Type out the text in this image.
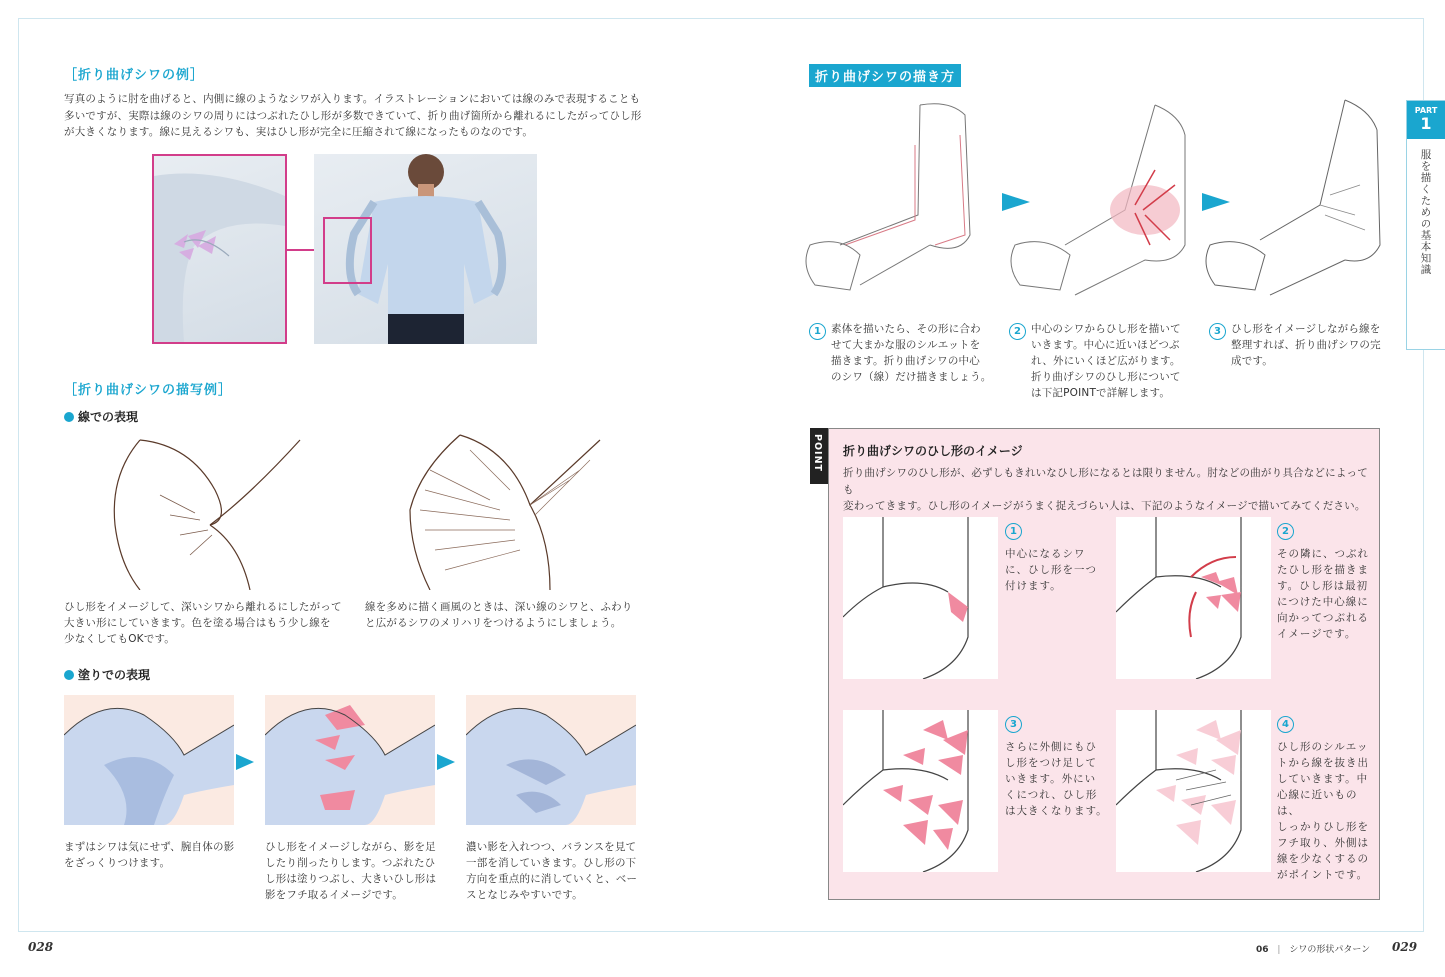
［折り曲げシワの例］
写真のように肘を曲げると、内側に線のようなシワが入ります。イラストレーションにおいては線のみで表現することも
多いですが、実際は線のシワの周りにはつぶれたひし形が多数できていて、折り曲げ箇所から離れるにしたがってひし形
が大きくなります。線に見えるシワも、実はひし形が完全に圧縮されて線になったものなのです。
［折り曲げシワの描写例］
線での表現
ひし形をイメージして、深いシワから離れるにしたがって
大きい形にしていきます。色を塗る場合はもう少し線を
少なくしてもOKです。
線を多めに描く画風のときは、深い線のシワと、ふわり
と広がるシワのメリハリをつけるようにしましょう。
塗りでの表現
まずはシワは気にせず、腕自体の影
をざっくりつけます。
ひし形をイメージしながら、影を足
したり削ったりします。つぶれたひ
し形は塗りつぶし、大きいひし形は
影をフチ取るイメージです。
濃い影を入れつつ、バランスを見て
一部を消していきます。ひし形の下
方向を重点的に消していくと、ベー
スとなじみやすいです。
028
折り曲げシワの描き方
1 素体を描いたら、その形に合わ
せて大まかな服のシルエットを
描きます。折り曲げシワの中心
のシワ（線）だけ描きましょう。
2 中心のシワからひし形を描いて
いきます。中心に近いほどつぶ
れ、外にいくほど広がります。
折り曲げシワのひし形について
は下記POINTで詳解します。
3 ひし形をイメージしながら線を
整理すれば、折り曲げシワの完
成です。
POINT 折り曲げシワのひし形のイメージ
折り曲げシワのひし形が、必ずしもきれいなひし形になるとは限りません。肘などの曲がり具合などによっても
変わってきます。ひし形のイメージがうまく捉えづらい人は、下記のようなイメージで描いてみてください。
1
中心になるシワ
に、ひし形を一つ
付けます。
2
その隣に、つぶれ
たひし形を描きま
す。ひし形は最初
につけた中心線に
向かってつぶれる
イメージです。
3
さらに外側にもひ
し形をつけ足して
いきます。外にい
くにつれ、ひし形
は大きくなります。
4
ひし形のシルエッ
トから線を抜き出
していきます。中
心線に近いものは、
しっかりひし形を
フチ取り、外側は
線を少なくするの
がポイントです。
PART
1
服を描くための基本知識
06 | シワの形状パターン 029
